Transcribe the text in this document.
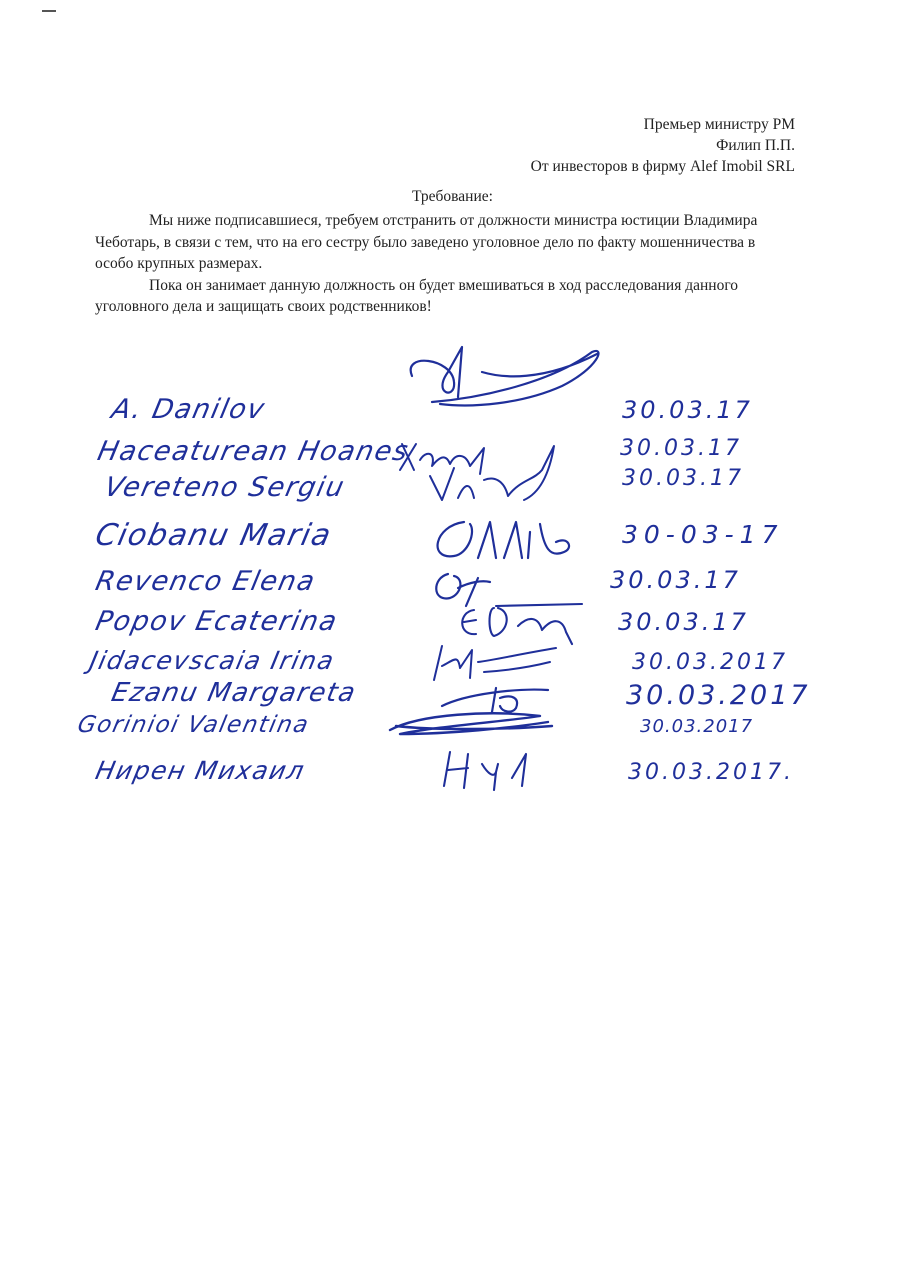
Премьер министру РМ
Филип П.П.
От инвесторов в фирму Alef Imobil SRL
Требование:

Мы ниже подписавшиеся, требуем отстранить от должности министра юстиции Владимира Чеботарь, в связи с тем, что на его сестру было заведено уголовное дело по факту мошенничества в особо крупных размерах.

Пока он занимает данную должность он будет вмешиваться в ход расследования данного уголовного дела и защищать своих родственников!

A. Danilov	30.03.17
Haceaturean Hoanes	30.03.17
Vereteno Sergiu	30.03.17
Ciobanu Maria	30-03-17
Revenco Elena	30.03.17
Popov Ecaterina	30.03.17
Jidacevscaia Irina	30.03.2017
Ezanu Margareta	30.03.2017
Gorinioi Valentina	30.03.2017
Нирен Михаил	30.03.2017.
